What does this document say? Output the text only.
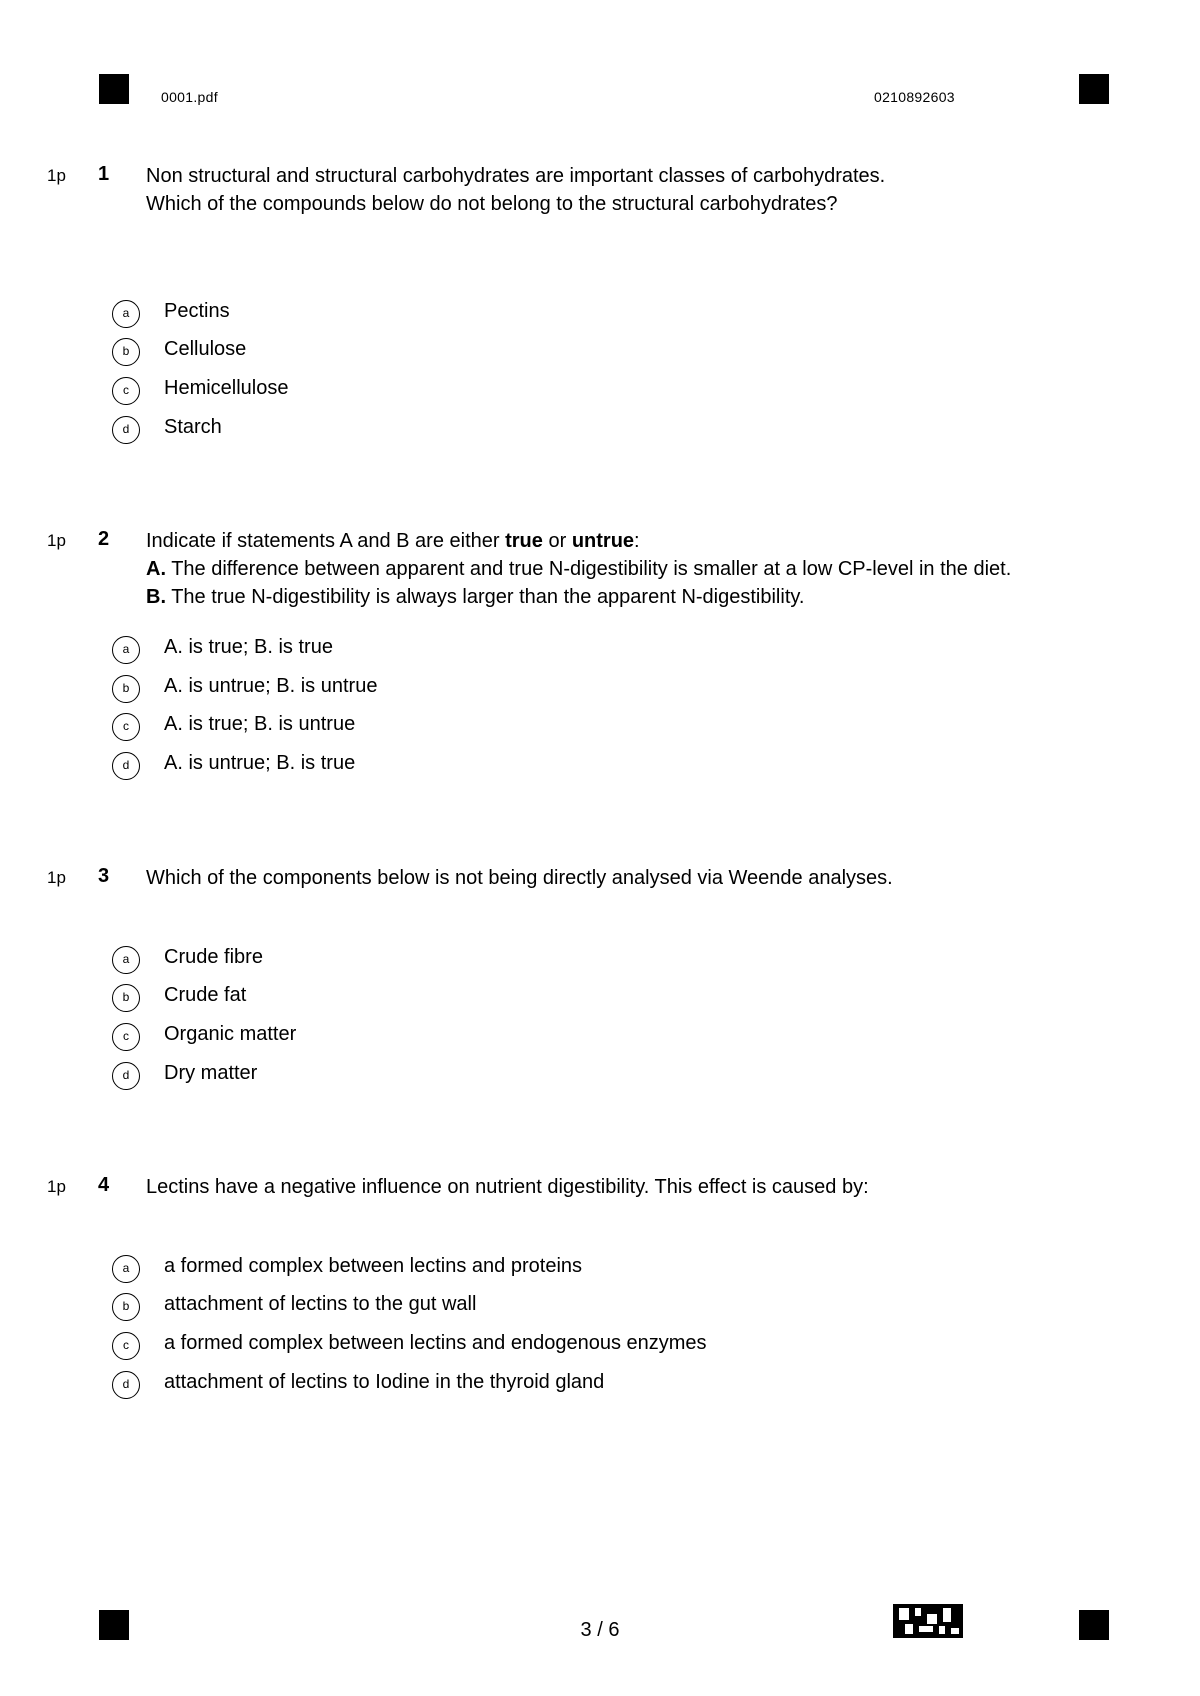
0001.pdf	0210892603
1p 1 Non structural and structural carbohydrates are important classes of carbohydrates.
Which of the compounds below do not belong to the structural carbohydrates?
a	Pectins
b	Cellulose
c	Hemicellulose
d	Starch
1p 2 Indicate if statements A and B are either true or untrue:
A. The difference between apparent and true N-digestibility is smaller at a low CP-level in the diet.
B. The true N-digestibility is always larger than the apparent N-digestibility.
a	A. is true; B. is true
b	A. is untrue; B. is untrue
c	A. is true; B. is untrue
d	A. is untrue; B. is true
1p 3 Which of the components below is not being directly analysed via Weende analyses.
a	Crude fibre
b	Crude fat
c	Organic matter
d	Dry matter
1p 4 Lectins have a negative influence on nutrient digestibility. This effect is caused by:
a	a formed complex between lectins and proteins
b	attachment of lectins to the gut wall
c	a formed complex between lectins and endogenous enzymes
d	attachment of lectins to Iodine in the thyroid gland
3 / 6
